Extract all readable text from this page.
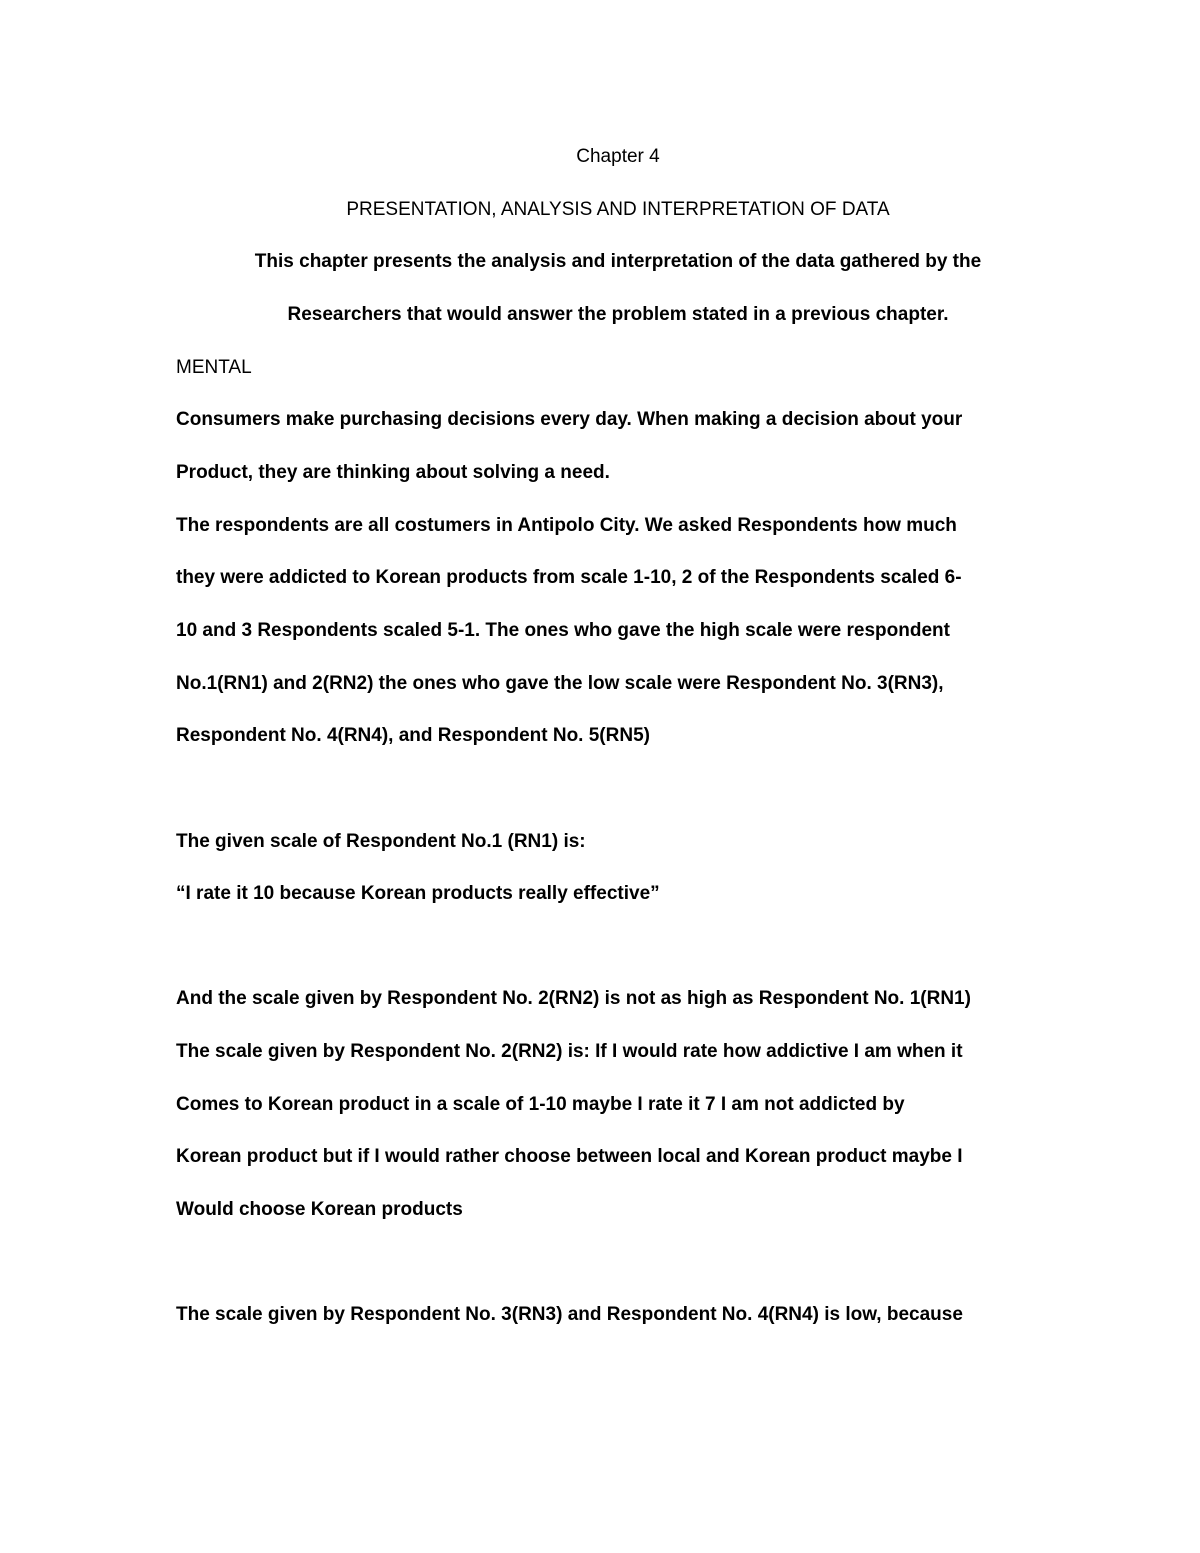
Chapter 4
PRESENTATION, ANALYSIS AND INTERPRETATION OF DATA
This chapter presents the analysis and interpretation of the data gathered by the
Researchers that would answer the problem stated in a previous chapter.
MENTAL
Consumers make purchasing decisions every day. When making a decision about your
Product, they are thinking about solving a need.
The respondents are all costumers in Antipolo City. We asked Respondents how much
they were addicted to Korean products from scale 1-10, 2 of the Respondents scaled 6-
10 and 3 Respondents scaled 5-1. The ones who gave the high scale were respondent
No.1(RN1) and 2(RN2) the ones who gave the low scale were Respondent No. 3(RN3),
Respondent No. 4(RN4), and Respondent No. 5(RN5)
The given scale of Respondent No.1 (RN1) is:
“I rate it 10 because Korean products really effective”
And the scale given by Respondent No. 2(RN2) is not as high as Respondent No. 1(RN1)
The scale given by Respondent No. 2(RN2) is: If I would rate how addictive I am when it
Comes to Korean product in a scale of 1-10 maybe I rate it 7 I am not addicted by
Korean product but if I would rather choose between local and Korean product maybe I
Would choose Korean products
The scale given by Respondent No. 3(RN3) and Respondent No. 4(RN4) is low, because
